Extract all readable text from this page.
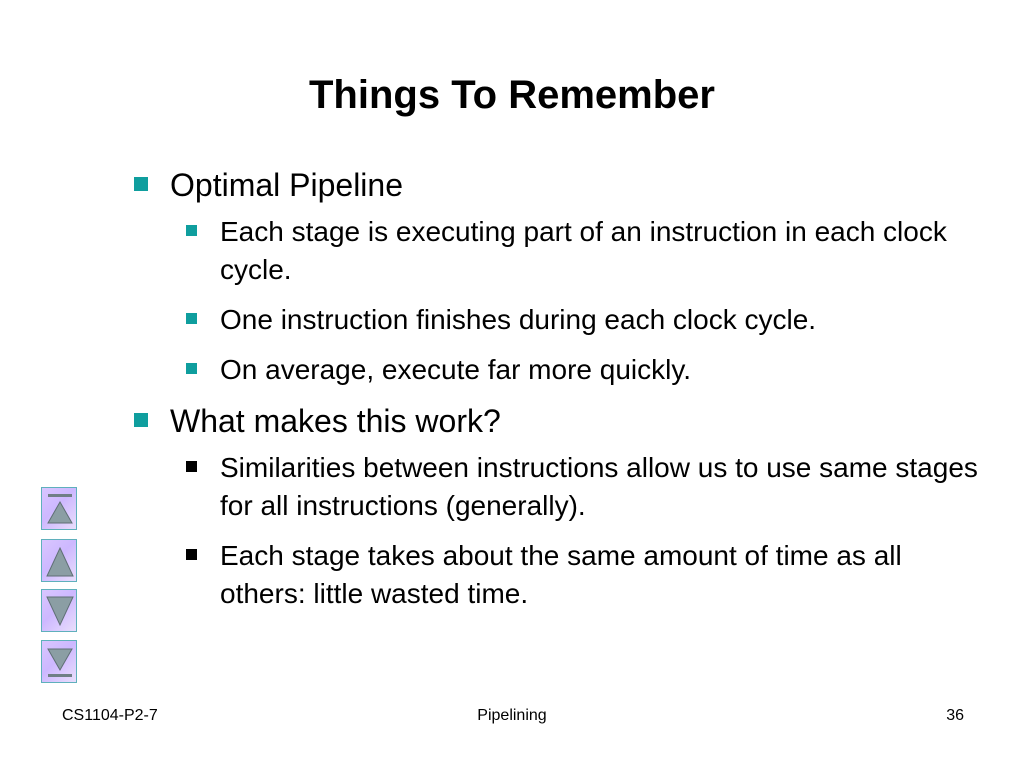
Things To Remember
Optimal Pipeline
Each stage is executing part of an instruction in each clock cycle.
One instruction finishes during each clock cycle.
On average, execute far more quickly.
What makes this work?
Similarities between instructions allow us to use same stages for all instructions (generally).
Each stage takes about the same amount of time as all others: little wasted time.
CS1104-P2-7	Pipelining	36
